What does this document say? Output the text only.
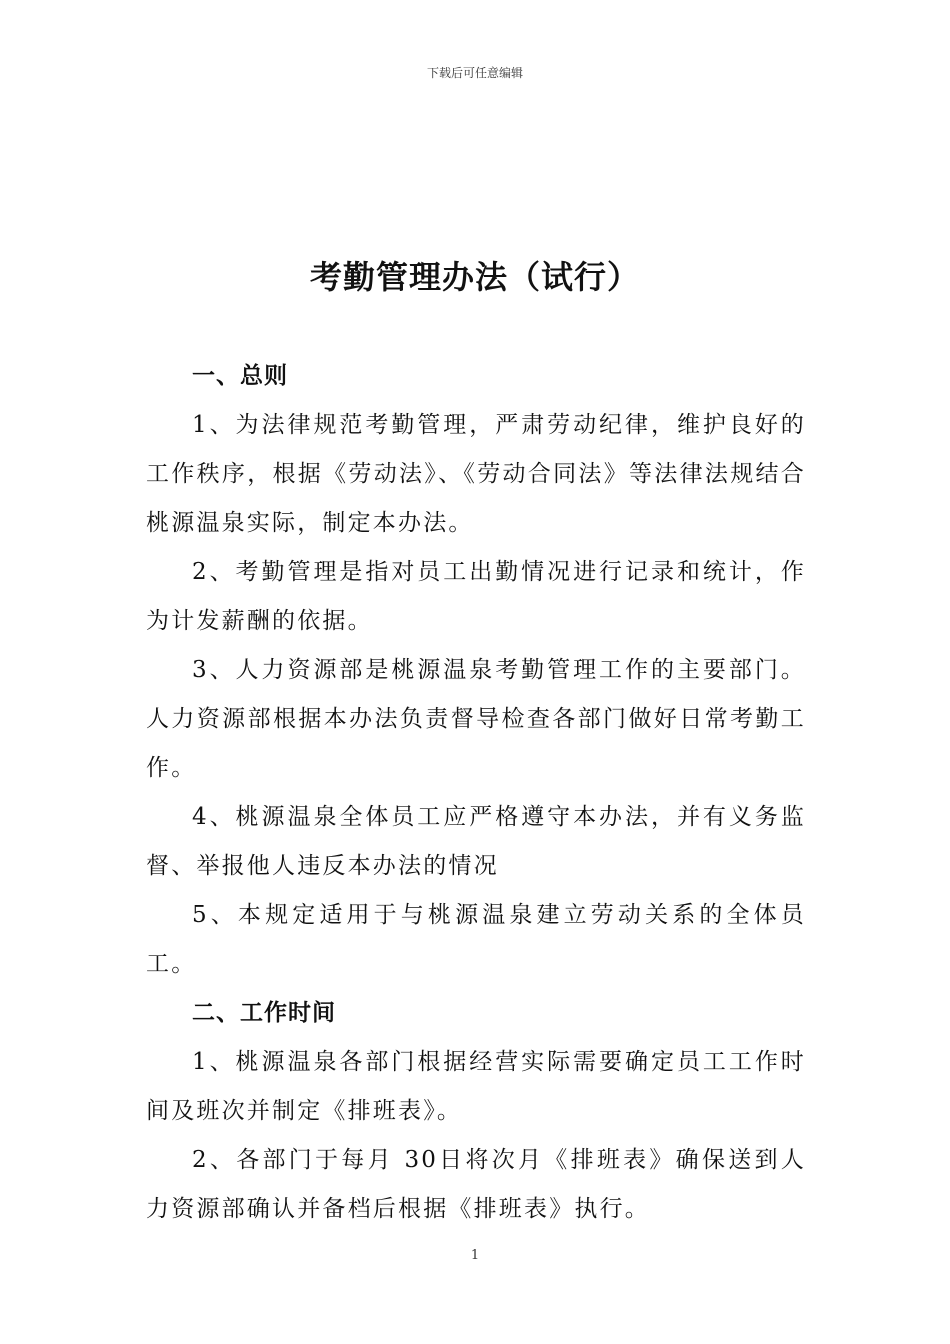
下载后可任意编辑
考勤管理办法（试行）
一、总则
1、为法律规范考勤管理，严肃劳动纪律，维护良好的工作秩序，根据《劳动法》、《劳动合同法》等法律法规结合桃源温泉实际，制定本办法。
2、考勤管理是指对员工出勤情况进行记录和统计，作为计发薪酬的依据。
3、人力资源部是桃源温泉考勤管理工作的主要部门。人力资源部根据本办法负责督导检查各部门做好日常考勤工作。
4、桃源温泉全体员工应严格遵守本办法，并有义务监督、举报他人违反本办法的情况
5、本规定适用于与桃源温泉建立劳动关系的全体员工。
二、工作时间
1、桃源温泉各部门根据经营实际需要确定员工工作时间及班次并制定《排班表》。
2、各部门于每月 30日将次月《排班表》确保送到人力资源部确认并备档后根据《排班表》执行。
1
